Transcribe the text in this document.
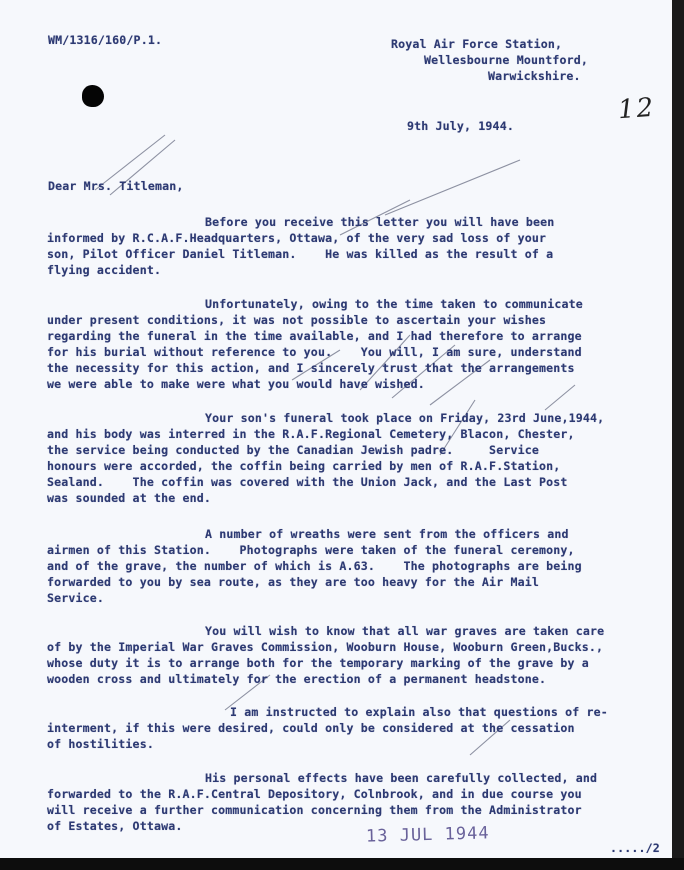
WM/1316/160/P.1.	Royal Air Force Station,
Wellesbourne Mountford,
Warwickshire.
12
9th July, 1944.
Dear Mrs. Titleman,
Before you receive this letter you will have been
informed by R.C.A.F.Headquarters, Ottawa, of the very sad loss of your
son, Pilot Officer Daniel Titleman.    He was killed as the result of a
flying accident.
Unfortunately, owing to the time taken to communicate
under present conditions, it was not possible to ascertain your wishes
regarding the funeral in the time available, and I had therefore to arrange
for his burial without reference to you.    You will, I am sure, understand
the necessity for this action, and I sincerely trust that the arrangements
we were able to make were what you would have wished.
Your son's funeral took place on Friday, 23rd June,1944,
and his body was interred in the R.A.F.Regional Cemetery, Blacon, Chester,
the service being conducted by the Canadian Jewish padre.     Service
honours were accorded, the coffin being carried by men of R.A.F.Station,
Sealand.    The coffin was covered with the Union Jack, and the Last Post
was sounded at the end.
A number of wreaths were sent from the officers and
airmen of this Station.    Photographs were taken of the funeral ceremony,
and of the grave, the number of which is A.63.    The photographs are being
forwarded to you by sea route, as they are too heavy for the Air Mail
Service.
You will wish to know that all war graves are taken care
of by the Imperial War Graves Commission, Wooburn House, Wooburn Green,Bucks.,
whose duty it is to arrange both for the temporary marking of the grave by a
wooden cross and ultimately for the erection of a permanent headstone.
I am instructed to explain also that questions of re-
interment, if this were desired, could only be considered at the cessation
of hostilities.
His personal effects have been carefully collected, and
forwarded to the R.A.F.Central Depository, Colnbrook, and in due course you
will receive a further communication concerning them from the Administrator
of Estates, Ottawa.	13 JUL 1944
...../2
